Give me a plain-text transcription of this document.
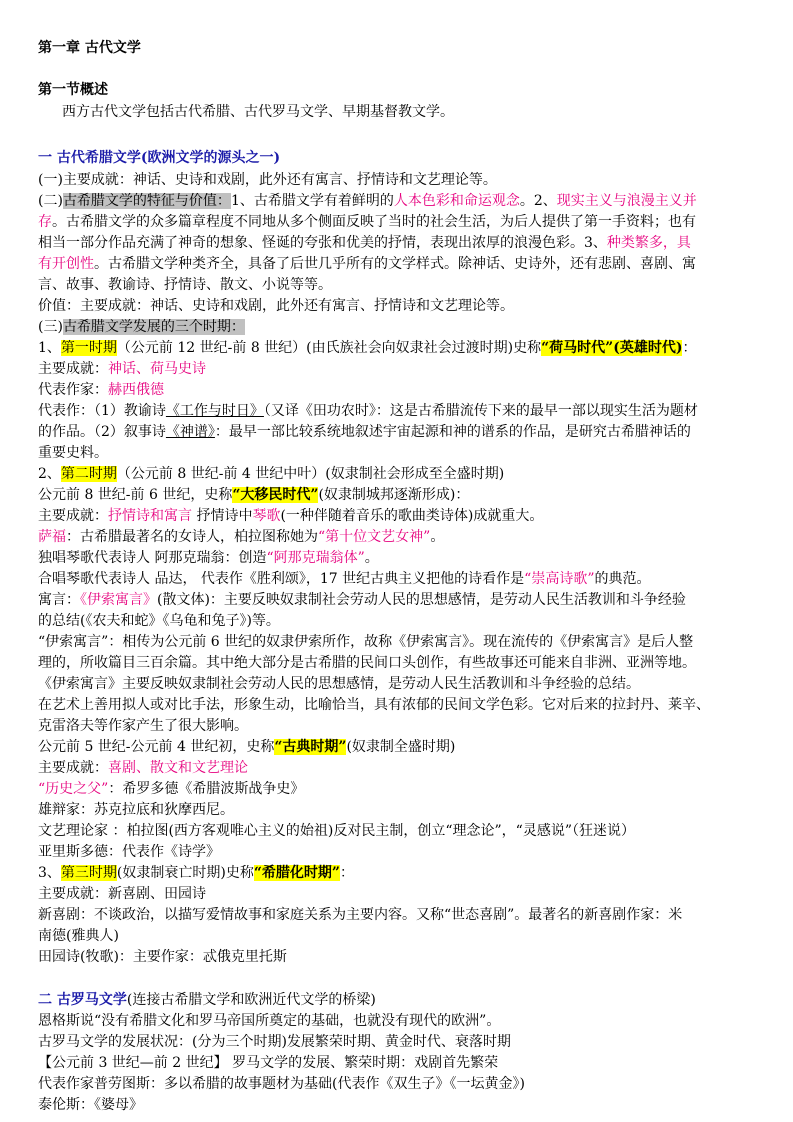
第一章 古代文学
第一节概述
西方古代文学包括古代希腊、古代罗马文学、早期基督教文学。
一 古代希腊文学(欧洲文学的源头之一)
(一)主要成就：神话、史诗和戏剧，此外还有寓言、抒情诗和文艺理论等。
(二)古希腊文学的特征与价值：1、古希腊文学有着鲜明的人本色彩和命运观念。2、现实主义与浪漫主义并
存。古希腊文学的众多篇章程度不同地从多个侧面反映了当时的社会生活，为后人提供了第一手资料；也有
相当一部分作品充满了神奇的想象、怪诞的夸张和优美的抒情，表现出浓厚的浪漫色彩。3、种类繁多，具
有开创性。古希腊文学种类齐全，具备了后世几乎所有的文学样式。除神话、史诗外，还有悲剧、喜剧、寓
言、故事、教谕诗、抒情诗、散文、小说等等。
价值：主要成就：神话、史诗和戏剧，此外还有寓言、抒情诗和文艺理论等。
(三)古希腊文学发展的三个时期：
1、第一时期（公元前 12 世纪-前 8 世纪）(由氏族社会向奴隶社会过渡时期)史称“荷马时代”(英雄时代)：
主要成就：神话、荷马史诗
代表作家：赫西俄德
代表作：（1）教谕诗《工作与时日》（又译《田功农时》：这是古希腊流传下来的最早一部以现实生活为题材
的作品。（2）叙事诗《神谱》：最早一部比较系统地叙述宇宙起源和神的谱系的作品，是研究古希腊神话的
重要史料。
2、第二时期（公元前 8 世纪-前 4 世纪中叶）(奴隶制社会形成至全盛时期)
公元前 8 世纪-前 6 世纪，史称“大移民时代”(奴隶制城邦逐渐形成)：
主要成就：抒情诗和寓言 抒情诗中琴歌(一种伴随着音乐的歌曲类诗体)成就重大。
萨福：古希腊最著名的女诗人，柏拉图称她为“第十位文艺女神”。
独唱琴歌代表诗人 阿那克瑞翁：创造“阿那克瑞翁体”。
合唱琴歌代表诗人 品达， 代表作《胜利颂》，17 世纪古典主义把他的诗看作是“崇高诗歌”的典范。
寓言：《伊索寓言》(散文体)：主要反映奴隶制社会劳动人民的思想感情，是劳动人民生活教训和斗争经验
的总结(《农夫和蛇》《乌龟和兔子》)等。
“伊索寓言”：相传为公元前 6 世纪的奴隶伊索所作，故称《伊索寓言》。现在流传的《伊索寓言》是后人整
理的，所收篇目三百余篇。其中绝大部分是古希腊的民间口头创作，有些故事还可能来自非洲、亚洲等地。
《伊索寓言》主要反映奴隶制社会劳动人民的思想感情，是劳动人民生活教训和斗争经验的总结。
在艺术上善用拟人或对比手法，形象生动，比喻恰当，具有浓郁的民间文学色彩。它对后来的拉封丹、莱辛、
克雷洛夫等作家产生了很大影响。
公元前 5 世纪-公元前 4 世纪初，史称“古典时期”(奴隶制全盛时期)
主要成就：喜剧、散文和文艺理论
“历史之父”：希罗多德《希腊波斯战争史》
雄辩家：苏克拉底和狄摩西尼。
文艺理论家 ：柏拉图(西方客观唯心主义的始祖)反对民主制，创立“理念论”，“灵感说”（狂迷说）
亚里斯多德：代表作《诗学》
3、第三时期(奴隶制衰亡时期)史称“希腊化时期”：
主要成就：新喜剧、田园诗
新喜剧：不谈政治，以描写爱情故事和家庭关系为主要内容。又称“世态喜剧”。最著名的新喜剧作家：米
南德(雅典人)
田园诗(牧歌)：主要作家：忒俄克里托斯
二 古罗马文学(连接古希腊文学和欧洲近代文学的桥梁)
恩格斯说“没有希腊文化和罗马帝国所奠定的基础，也就没有现代的欧洲”。
古罗马文学的发展状况：(分为三个时期)发展繁荣时期、黄金时代、衰落时期
【公元前 3 世纪—前 2 世纪】 罗马文学的发展、繁荣时期：戏剧首先繁荣
代表作家普劳图斯：多以希腊的故事题材为基础(代表作《双生子》《一坛黄金》)
泰伦斯：《婆母》
